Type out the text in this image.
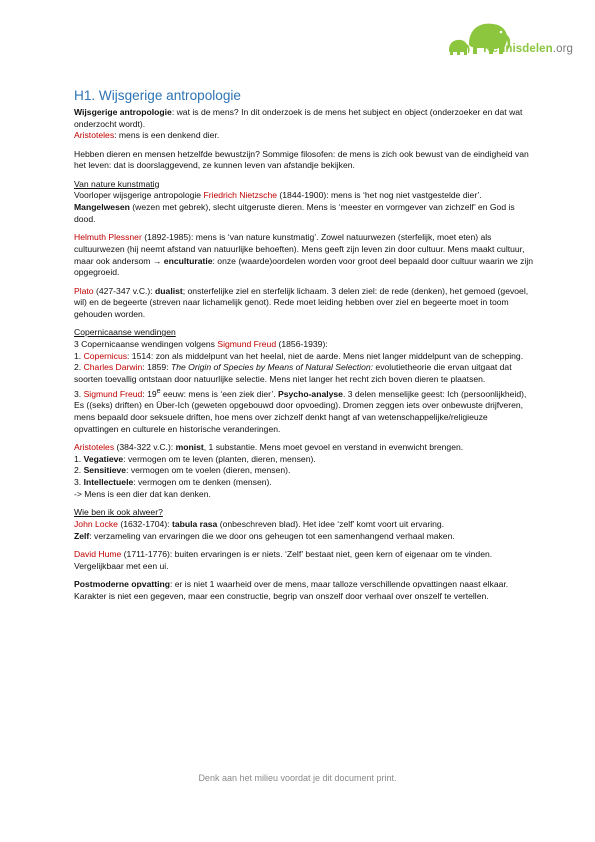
Kennisdelen.org
H1. Wijsgerige antropologie

Wijsgerige antropologie: wat is de mens? In dit onderzoek is de mens het subject en object (onderzoeker en dat wat onderzocht wordt).
Aristoteles: mens is een denkend dier.

Hebben dieren en mensen hetzelfde bewustzijn? Sommige filosofen: de mens is zich ook bewust van de eindigheid van het leven: dat is doorslaggevend, ze kunnen leven van afstandje bekijken.

Van nature kunstmatig
Voorloper wijsgerige antropologie Friedrich Nietzsche (1844-1900): mens is ‘het nog niet vastgestelde dier’. Mangelwesen (wezen met gebrek), slecht uitgeruste dieren. Mens is ‘meester en vormgever van zichzelf’ en God is dood.

Helmuth Plessner (1892-1985): mens is ‘van nature kunstmatig’. Zowel natuurwezen (sterfelijk, moet eten) als cultuurwezen (hij neemt afstand van natuurlijke behoeften). Mens geeft zijn leven zin door cultuur. Mens maakt cultuur, maar ook andersom → enculturatie: onze (waarde)oordelen worden voor groot deel bepaald door cultuur waarin we zijn opgegroeid.

Plato (427-347 v.C.): dualist; onsterfelijke ziel en sterfelijk lichaam. 3 delen ziel: de rede (denken), het gemoed (gevoel, wil) en de begeerte (streven naar lichamelijk genot). Rede moet leiding hebben over ziel en begeerte moet in toom gehouden worden.

Copernicaanse wendingen
3 Copernicaanse wendingen volgens Sigmund Freud (1856-1939):
1. Copernicus: 1514: zon als middelpunt van het heelal, niet de aarde. Mens niet langer middelpunt van de schepping.
2. Charles Darwin: 1859: The Origin of Species by Means of Natural Selection: evolutietheorie die ervan uitgaat dat soorten toevallig ontstaan door natuurlijke selectie. Mens niet langer het recht zich boven dieren te plaatsen.
3. Sigmund Freud: 19e eeuw: mens is ‘een ziek dier’. Psycho-analyse. 3 delen menselijke geest: Ich (persoonlijkheid), Es ((seks) driften) en Über-Ich (geweten opgebouwd door opvoeding). Dromen zeggen iets over onbewuste drijfveren, mens bepaald door seksuele driften, hoe mens over zichzelf denkt hangt af van wetenschappelijke/religieuze opvattingen en culturele en historische veranderingen.

Aristoteles (384-322 v.C.): monist, 1 substantie. Mens moet gevoel en verstand in evenwicht brengen.
1. Vegatieve: vermogen om te leven (planten, dieren, mensen).
2. Sensitieve: vermogen om te voelen (dieren, mensen).
3. Intellectuele: vermogen om te denken (mensen).
-> Mens is een dier dat kan denken.

Wie ben ik ook alweer?
John Locke (1632-1704): tabula rasa (onbeschreven blad). Het idee ‘zelf’ komt voort uit ervaring.
Zelf: verzameling van ervaringen die we door ons geheugen tot een samenhangend verhaal maken.

David Hume (1711-1776): buiten ervaringen is er niets. ‘Zelf’ bestaat niet, geen kern of eigenaar om te vinden. Vergelijkbaar met een ui.

Postmoderne opvatting: er is niet 1 waarheid over de mens, maar talloze verschillende opvattingen naast elkaar. Karakter is niet een gegeven, maar een constructie, begrip van onszelf door verhaal over onszelf te vertellen.

Denk aan het milieu voordat je dit document print.
